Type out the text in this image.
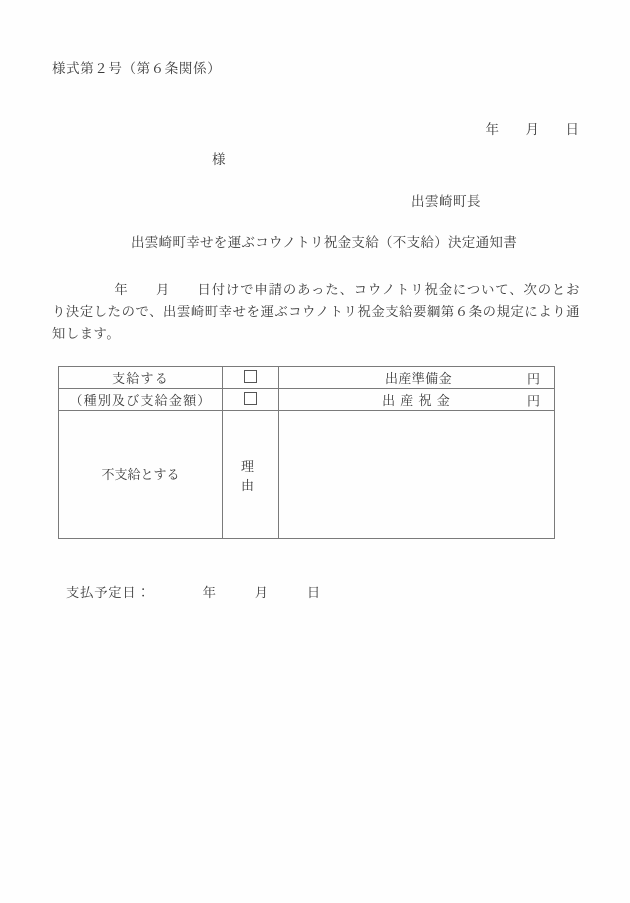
様式第２号（第６条関係）

年 月 日

様
出雲崎町長
出雲崎町幸せを運ぶコウノトリ祝金支給（不支給）決定通知書
年 月 日付けで申請のあった、コウノトリ祝金について、次のとおり決定したので、出雲崎町幸せを運ぶコウノトリ祝金支給要綱第６条の規定により通知します。
支給する		出産準備金 円

（種別及び支給金額）		出産祝金 円

不支給とする	理　由	
支払予定日：	年	月	日
